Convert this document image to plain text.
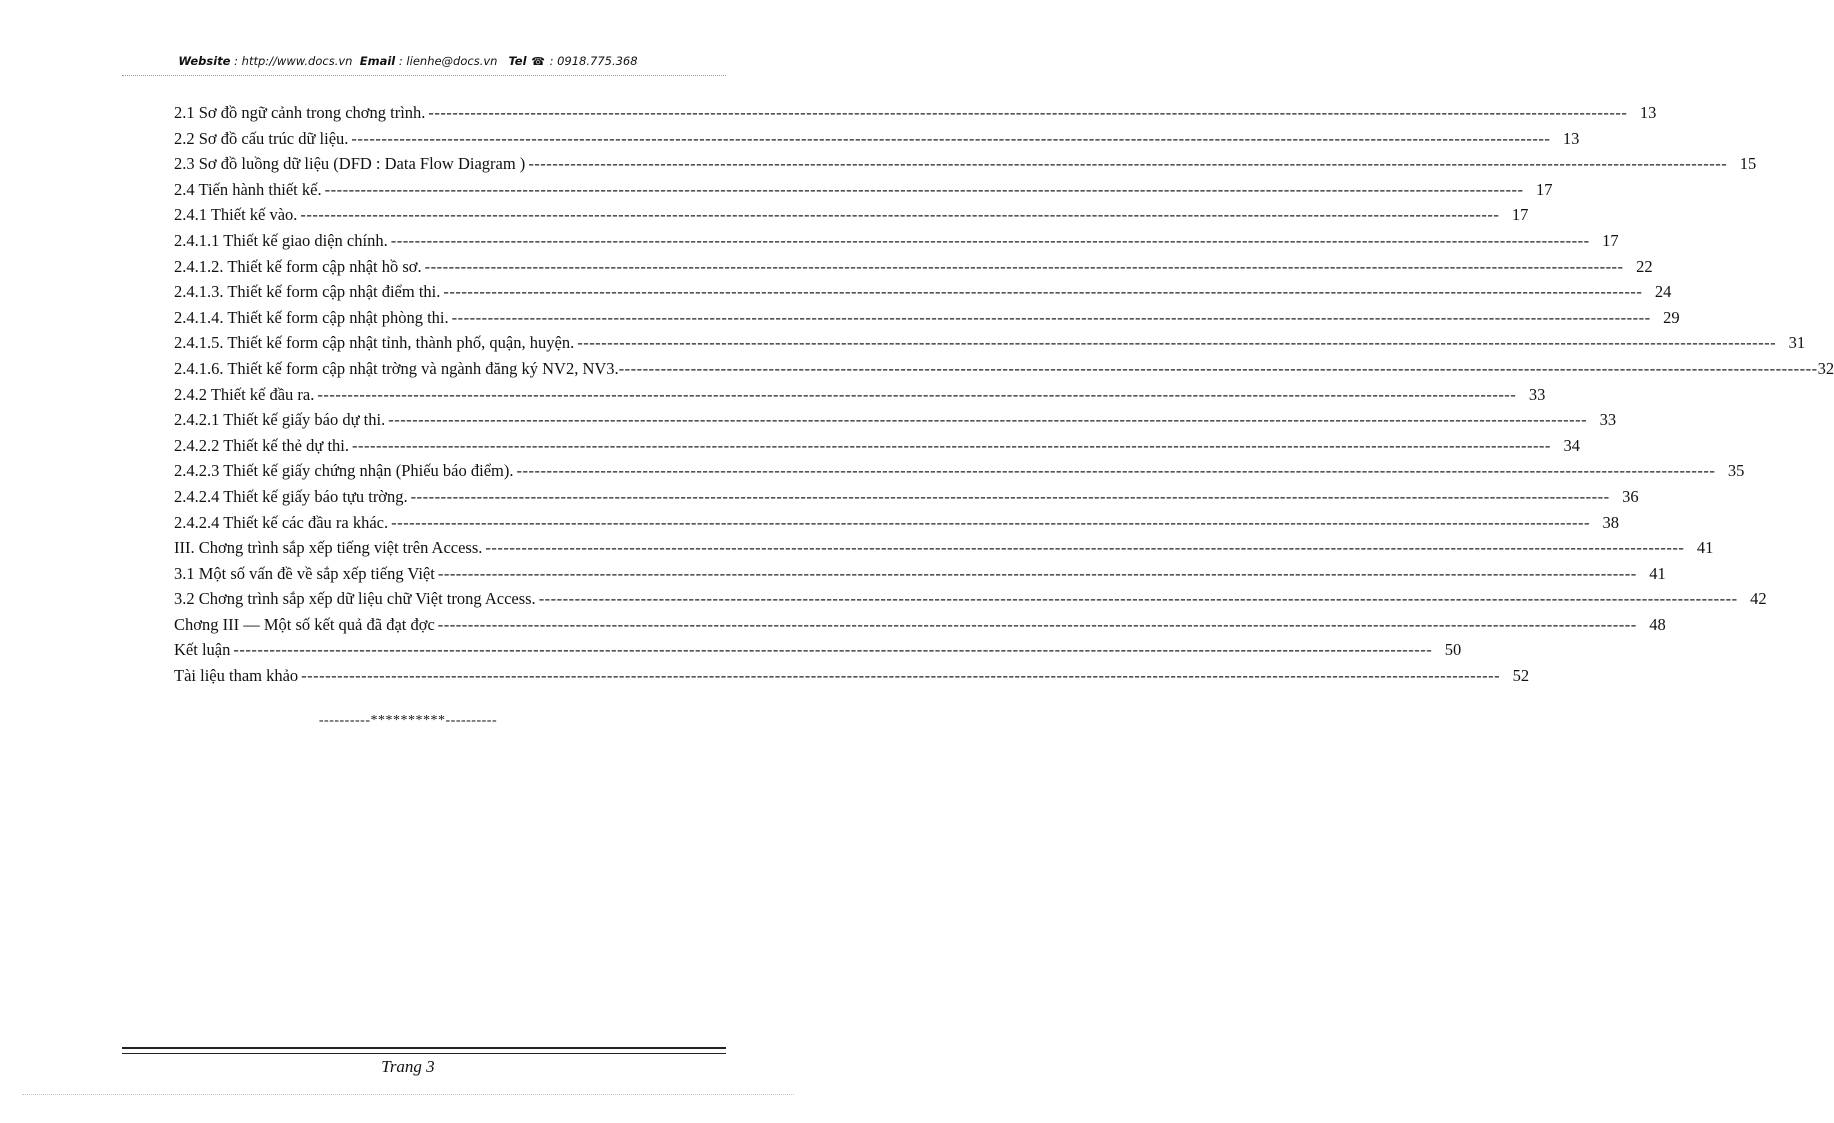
Website : http://www.docs.vn Email : lienhe@docs.vn Tel ☎ : 0918.775.368
2.1 Sơ đồ ngữ cảnh trong chơng trình. -------------------------------------------------------------------------------------------------------------------------------------------------------------------------------------------------------- 13
2.2 Sơ đồ cấu trúc dữ liệu. -------------------------------------------------------------------------------------------------------------------------------------------------------------------------------------------------------- 13
2.3 Sơ đồ luồng dữ liệu (DFD : Data Flow Diagram ) -------------------------------------------------------------------------------------------------------------------------------------------------------------------------------------------------------- 15
2.4 Tiến hành thiết kế. -------------------------------------------------------------------------------------------------------------------------------------------------------------------------------------------------------- 17
2.4.1 Thiết kế vào. -------------------------------------------------------------------------------------------------------------------------------------------------------------------------------------------------------- 17
2.4.1.1 Thiết kế giao diện chính. -------------------------------------------------------------------------------------------------------------------------------------------------------------------------------------------------------- 17
2.4.1.2. Thiết kế form cập nhật hồ sơ. -------------------------------------------------------------------------------------------------------------------------------------------------------------------------------------------------------- 22
2.4.1.3. Thiết kế form cập nhật điểm thi. -------------------------------------------------------------------------------------------------------------------------------------------------------------------------------------------------------- 24
2.4.1.4. Thiết kế form cập nhật phòng thi. -------------------------------------------------------------------------------------------------------------------------------------------------------------------------------------------------------- 29
2.4.1.5. Thiết kế form cập nhật tỉnh, thành phố, quận, huyện. -------------------------------------------------------------------------------------------------------------------------------------------------------------------------------------------------------- 31
2.4.1.6. Thiết kế form cập nhật trờng và ngành đăng ký NV2, NV3. -------------------------------------------------------------------------------------------------------------------------------------------------------------------------------------------------------- 32
2.4.2 Thiết kế đầu ra. -------------------------------------------------------------------------------------------------------------------------------------------------------------------------------------------------------- 33
2.4.2.1 Thiết kế giấy báo dự thi. -------------------------------------------------------------------------------------------------------------------------------------------------------------------------------------------------------- 33
2.4.2.2 Thiết kế thẻ dự thi. -------------------------------------------------------------------------------------------------------------------------------------------------------------------------------------------------------- 34
2.4.2.3 Thiết kế giấy chứng nhận (Phiếu báo điểm). -------------------------------------------------------------------------------------------------------------------------------------------------------------------------------------------------------- 35
2.4.2.4 Thiết kế giấy báo tựu trờng. -------------------------------------------------------------------------------------------------------------------------------------------------------------------------------------------------------- 36
2.4.2.4 Thiết kế các đầu ra khác. -------------------------------------------------------------------------------------------------------------------------------------------------------------------------------------------------------- 38
III. Chơng trình sắp xếp tiếng việt trên Access. -------------------------------------------------------------------------------------------------------------------------------------------------------------------------------------------------------- 41
3.1 Một số vấn đề về sắp xếp tiếng Việt -------------------------------------------------------------------------------------------------------------------------------------------------------------------------------------------------------- 41
3.2 Chơng trình sắp xếp dữ liệu chữ Việt trong Access. -------------------------------------------------------------------------------------------------------------------------------------------------------------------------------------------------------- 42
Chơng III — Một số kết quả đã đạt đợc -------------------------------------------------------------------------------------------------------------------------------------------------------------------------------------------------------- 48
Kết luận -------------------------------------------------------------------------------------------------------------------------------------------------------------------------------------------------------- 50
Tài liệu tham khảo -------------------------------------------------------------------------------------------------------------------------------------------------------------------------------------------------------- 52
----------**********----------
Trang 3
